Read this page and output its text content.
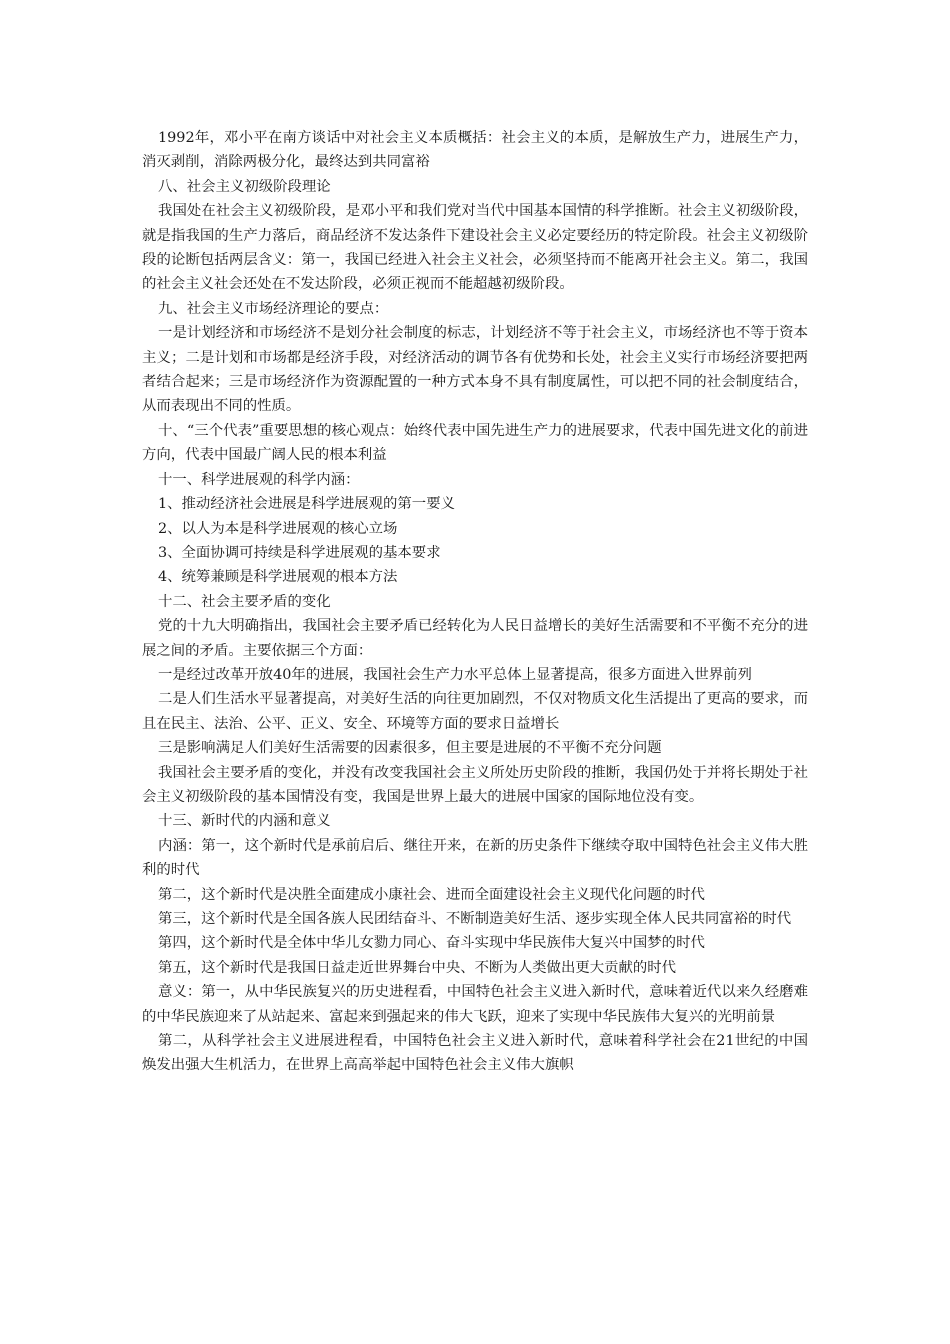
1992年，邓小平在南方谈话中对社会主义本质概括：社会主义的本质，是解放生产力，进展生产力，消灭剥削，消除两极分化，最终达到共同富裕

八、社会主义初级阶段理论

我国处在社会主义初级阶段，是邓小平和我们党对当代中国基本国情的科学推断。社会主义初级阶段，就是指我国的生产力落后，商品经济不发达条件下建设社会主义必定要经历的特定阶段。社会主义初级阶段的论断包括两层含义：第一，我国已经进入社会主义社会，必须坚持而不能离开社会主义。第二，我国的社会主义社会还处在不发达阶段，必须正视而不能超越初级阶段。

九、社会主义市场经济理论的要点：

一是计划经济和市场经济不是划分社会制度的标志，计划经济不等于社会主义，市场经济也不等于资本主义；二是计划和市场都是经济手段，对经济活动的调节各有优势和长处，社会主义实行市场经济要把两者结合起来；三是市场经济作为资源配置的一种方式本身不具有制度属性，可以把不同的社会制度结合，从而表现出不同的性质。

十、“三个代表”重要思想的核心观点：始终代表中国先进生产力的进展要求，代表中国先进文化的前进方向，代表中国最广阔人民的根本利益

十一、科学进展观的科学内涵：

1、推动经济社会进展是科学进展观的第一要义

2、以人为本是科学进展观的核心立场

3、全面协调可持续是科学进展观的基本要求

4、统筹兼顾是科学进展观的根本方法

十二、社会主要矛盾的变化

党的十九大明确指出，我国社会主要矛盾已经转化为人民日益增长的美好生活需要和不平衡不充分的进展之间的矛盾。主要依据三个方面：

一是经过改革开放40年的进展，我国社会生产力水平总体上显著提高，很多方面进入世界前列

二是人们生活水平显著提高，对美好生活的向往更加剧烈，不仅对物质文化生活提出了更高的要求，而且在民主、法治、公平、正义、安全、环境等方面的要求日益增长

三是影响满足人们美好生活需要的因素很多，但主要是进展的不平衡不充分问题

我国社会主要矛盾的变化，并没有改变我国社会主义所处历史阶段的推断，我国仍处于并将长期处于社会主义初级阶段的基本国情没有变，我国是世界上最大的进展中国家的国际地位没有变。

十三、新时代的内涵和意义

内涵：第一，这个新时代是承前启后、继往开来，在新的历史条件下继续夺取中国特色社会主义伟大胜利的时代

第二，这个新时代是决胜全面建成小康社会、进而全面建设社会主义现代化问题的时代

第三，这个新时代是全国各族人民团结奋斗、不断制造美好生活、逐步实现全体人民共同富裕的时代

第四，这个新时代是全体中华儿女勠力同心、奋斗实现中华民族伟大复兴中国梦的时代

第五，这个新时代是我国日益走近世界舞台中央、不断为人类做出更大贡献的时代

意义：第一，从中华民族复兴的历史进程看，中国特色社会主义进入新时代，意味着近代以来久经磨难的中华民族迎来了从站起来、富起来到强起来的伟大飞跃，迎来了实现中华民族伟大复兴的光明前景

第二，从科学社会主义进展进程看，中国特色社会主义进入新时代，意味着科学社会在21世纪的中国焕发出强大生机活力，在世界上高高举起中国特色社会主义伟大旗帜
